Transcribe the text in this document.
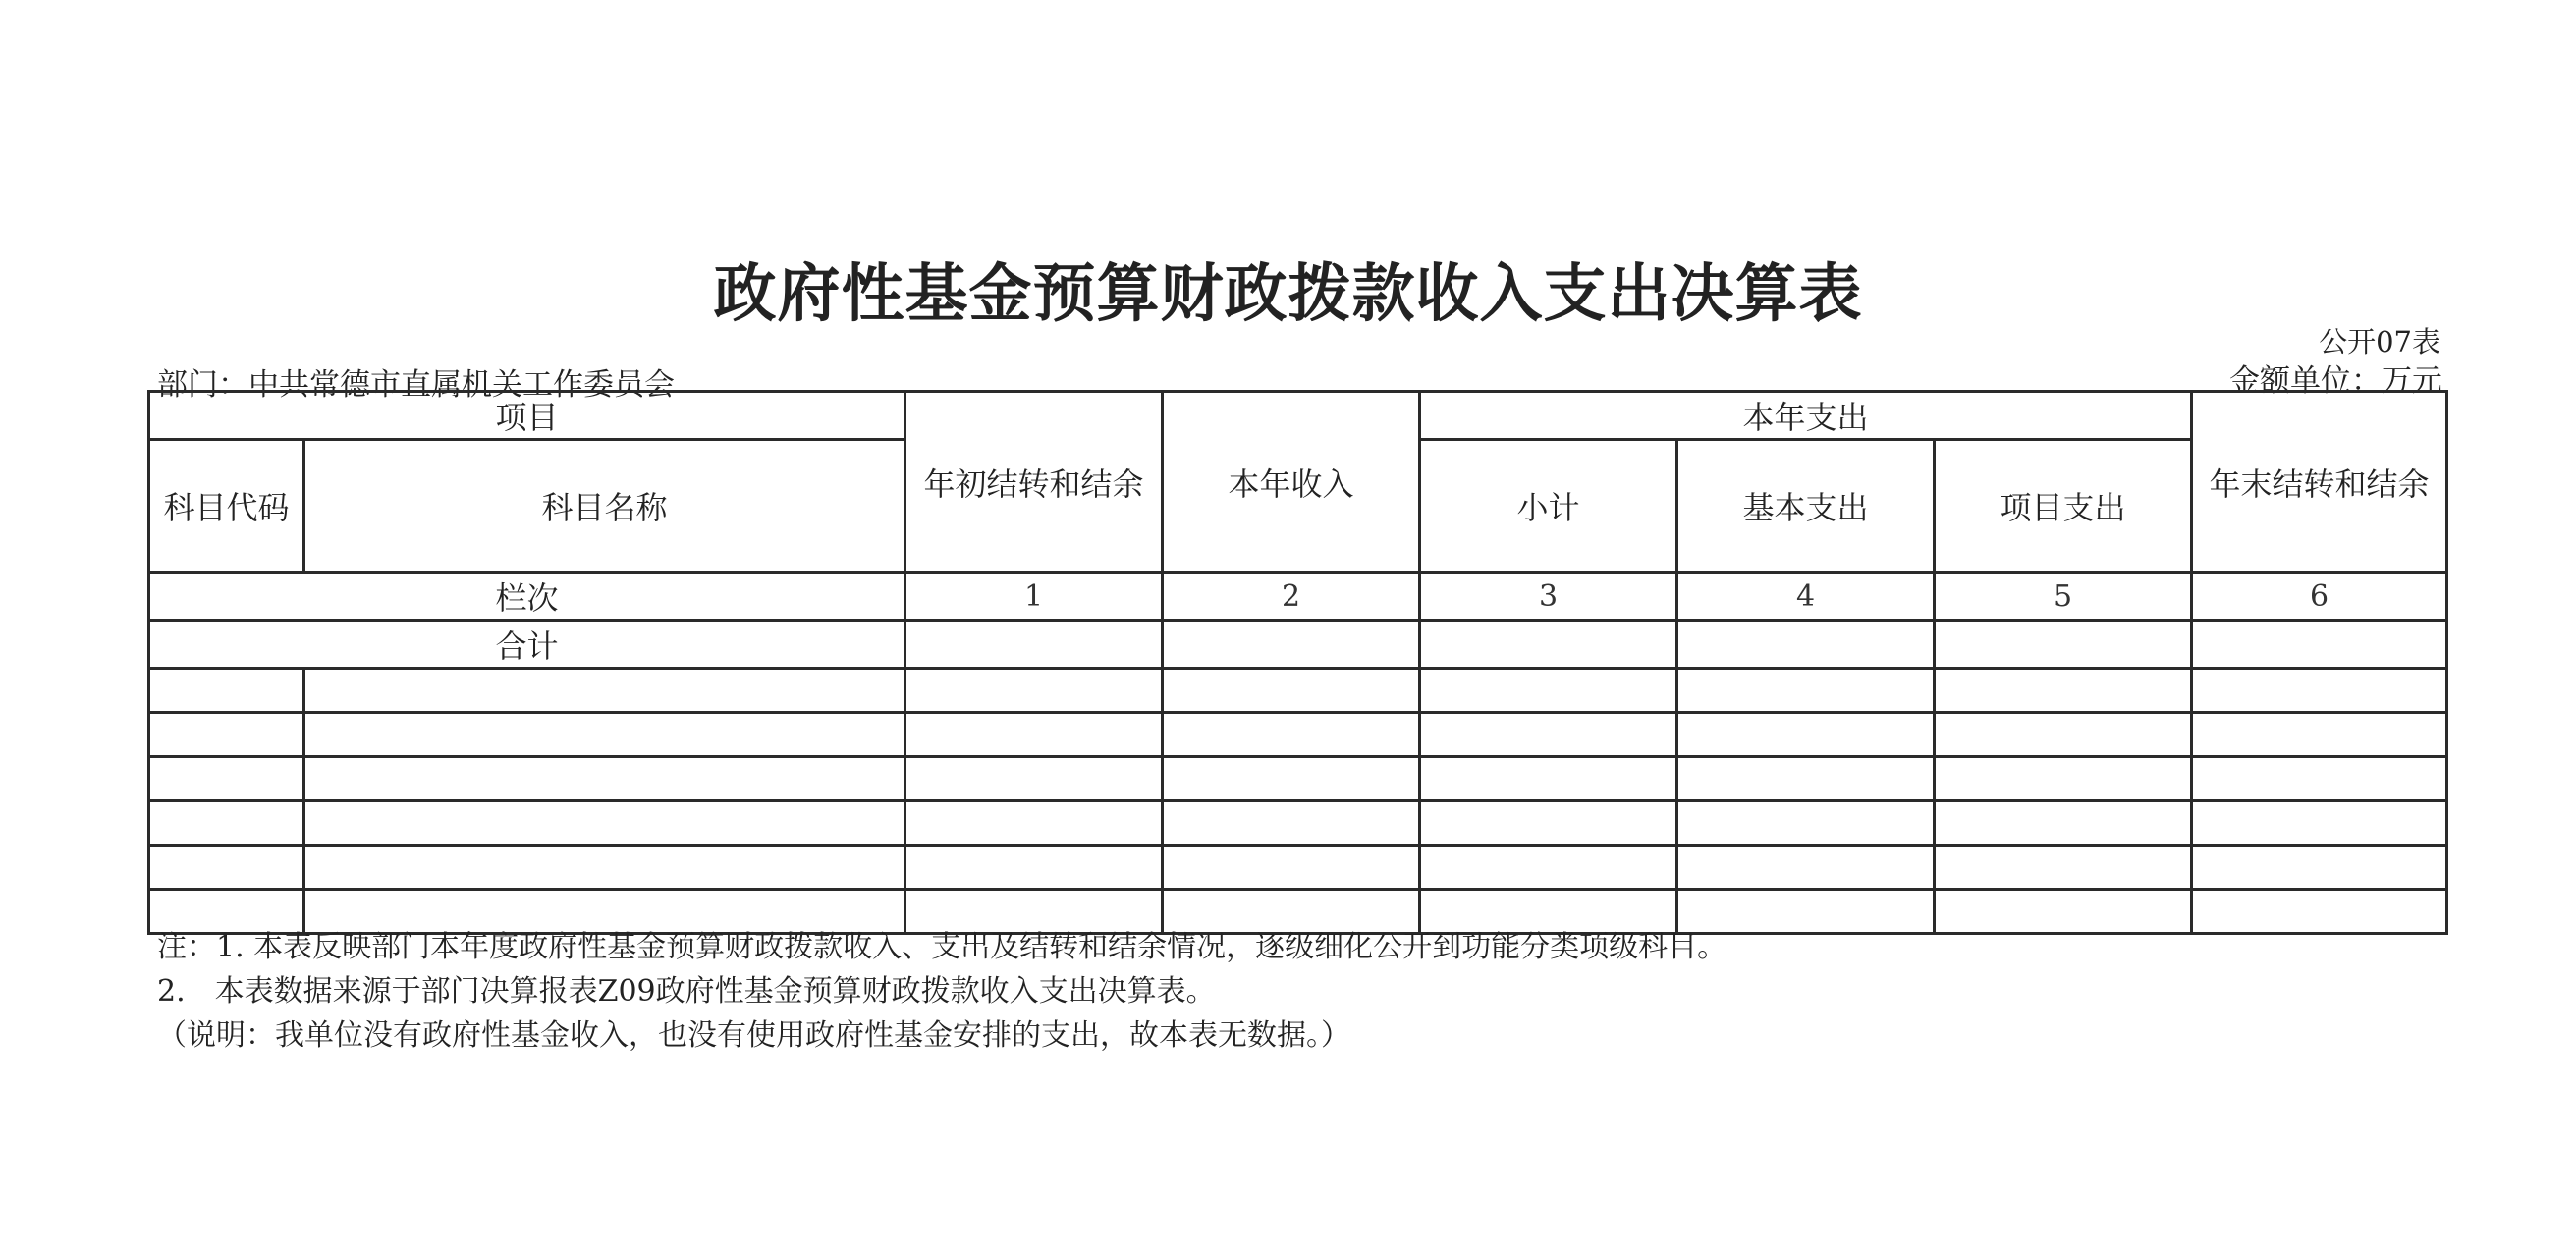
政府性基金预算财政拨款收入支出决算表
公开07表
部门：中共常德市直属机关工作委员会	金额单位：万元
项目		年初结转和结余	本年收入	本年支出			年末结转和结余
科目代码	科目名称			小计	基本支出	项目支出	
栏次		1	2	3	4	5	6
合计							

注：1. 本表反映部门本年度政府性基金预算财政拨款收入、支出及结转和结余情况，逐级细化公开到功能分类项级科目。
2.　本表数据来源于部门决算报表Z09政府性基金预算财政拨款收入支出决算表。
（说明：我单位没有政府性基金收入，也没有使用政府性基金安排的支出，故本表无数据。）
